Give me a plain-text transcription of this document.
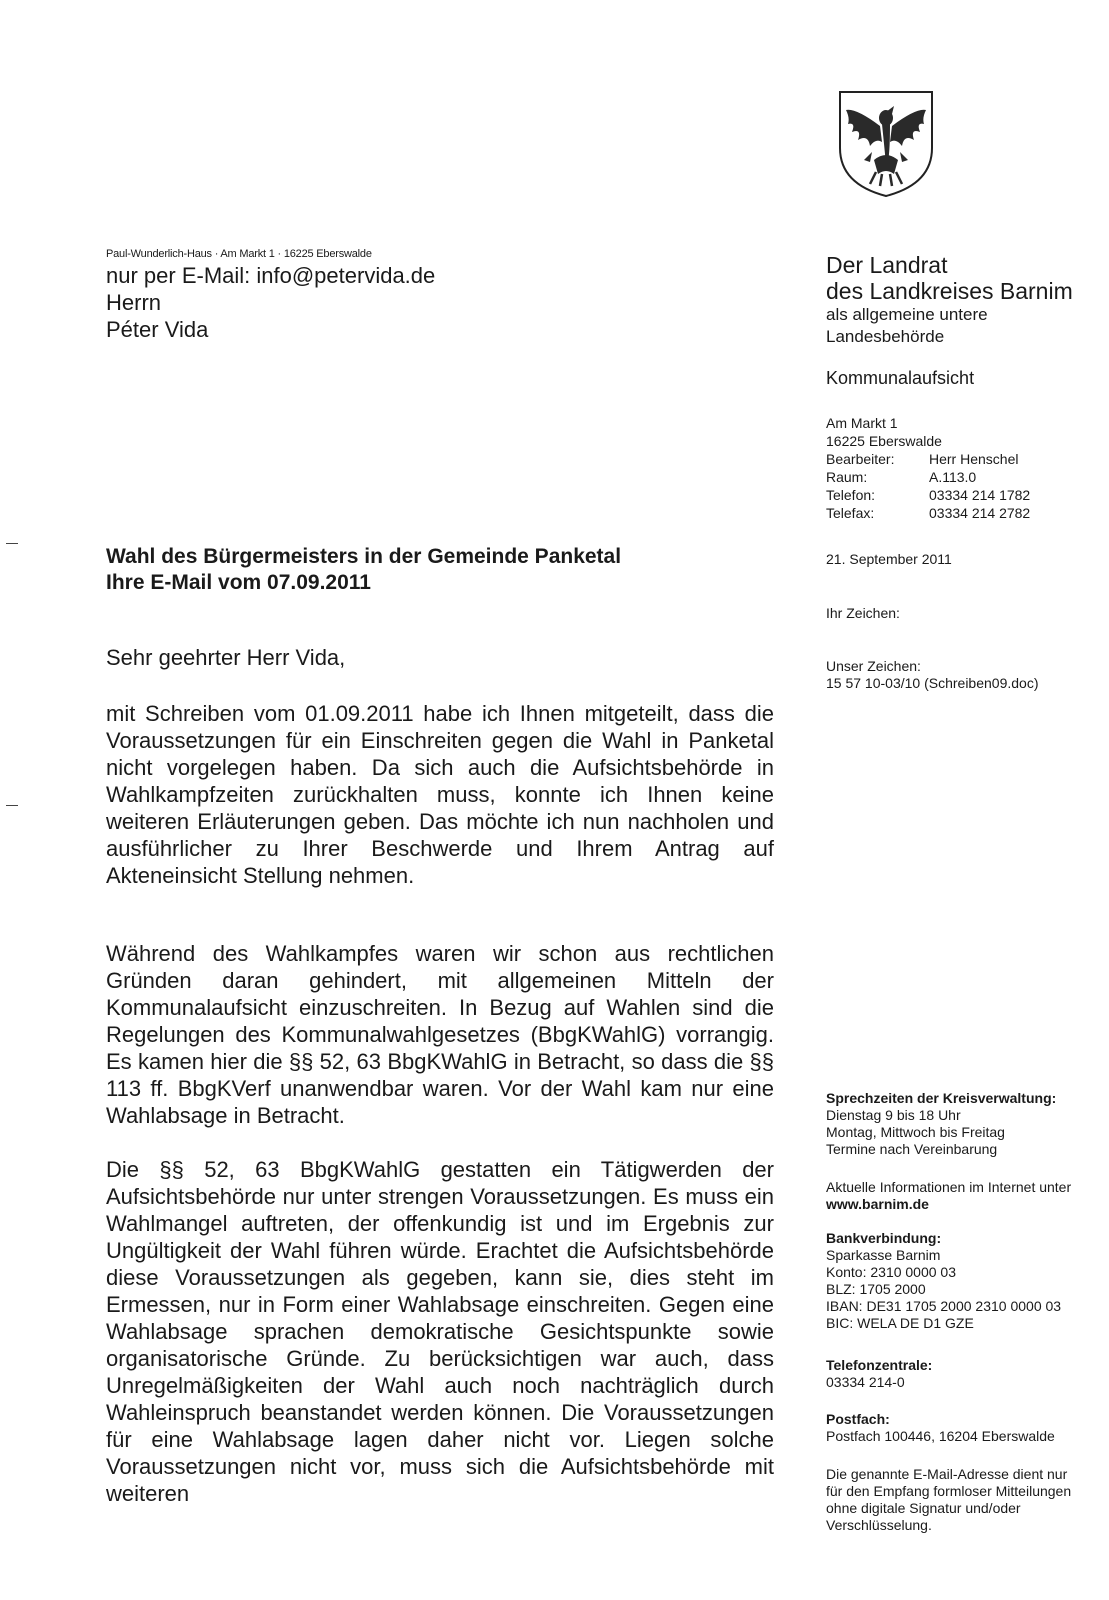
Paul-Wunderlich-Haus · Am Markt 1 · 16225 Eberswalde
nur per E-Mail: info@petervida.de
Herrn
Péter Vida
Der Landrat
des Landkreises Barnim
als allgemeine untere
Landesbehörde
Kommunalaufsicht
Am Markt 1
16225 Eberswalde
Bearbeiter:	Herr Henschel
Raum:	A.113.0
Telefon:	03334 214 1782
Telefax:	03334 214 2782
Wahl des Bürgermeisters in der Gemeinde Panketal
Ihre E-Mail vom 07.09.2011
21. September 2011
Ihr Zeichen:
Unser Zeichen:
15 57 10-03/10 (Schreiben09.doc)
Sehr geehrter Herr Vida,
mit Schreiben vom 01.09.2011 habe ich Ihnen mitgeteilt, dass die Voraussetzungen für ein Einschreiten gegen die Wahl in Panketal nicht vorgelegen haben. Da sich auch die Aufsichtsbehörde in Wahlkampfzeiten zurückhalten muss, konnte ich Ihnen keine weiteren Erläuterungen geben. Das möchte ich nun nachholen und ausführlicher zu Ihrer Beschwerde und Ihrem Antrag auf Akteneinsicht Stellung nehmen.
Während des Wahlkampfes waren wir schon aus rechtlichen Gründen daran gehindert, mit allgemeinen Mitteln der Kommunalaufsicht einzuschreiten. In Bezug auf Wahlen sind die Regelungen des Kommunalwahlgesetzes (BbgKWahlG) vorrangig. Es kamen hier die §§ 52, 63 BbgKWahlG in Betracht, so dass die §§ 113 ff. BbgKVerf unanwendbar waren. Vor der Wahl kam nur eine Wahlabsage in Betracht.
Die §§ 52, 63 BbgKWahlG gestatten ein Tätigwerden der Aufsichtsbehörde nur unter strengen Voraussetzungen. Es muss ein Wahlmangel auftreten, der offenkundig ist und im Ergebnis zur Ungültigkeit der Wahl führen würde. Erachtet die Aufsichtsbehörde diese Voraussetzungen als gegeben, kann sie, dies steht im Ermessen, nur in Form einer Wahlabsage einschreiten. Gegen eine Wahlabsage sprachen demokratische Gesichtspunkte sowie organisatorische Gründe. Zu berücksichtigen war auch, dass Unregelmäßigkeiten der Wahl auch noch nachträglich durch Wahleinspruch beanstandet werden können. Die Voraussetzungen für eine Wahlabsage lagen daher nicht vor. Liegen solche Voraussetzungen nicht vor, muss sich die Aufsichtsbehörde mit weiteren
Sprechzeiten der Kreisverwaltung:
Dienstag 9 bis 18 Uhr
Montag, Mittwoch bis Freitag
Termine nach Vereinbarung
Aktuelle Informationen im Internet unter
www.barnim.de
Bankverbindung:
Sparkasse Barnim
Konto: 2310 0000 03
BLZ: 1705 2000
IBAN: DE31 1705 2000 2310 0000 03
BIC: WELA DE D1 GZE
Telefonzentrale:
03334 214-0
Postfach:
Postfach 100446, 16204 Eberswalde
Die genannte E-Mail-Adresse dient nur für den Empfang formloser Mitteilungen ohne digitale Signatur und/oder Verschlüsselung.
